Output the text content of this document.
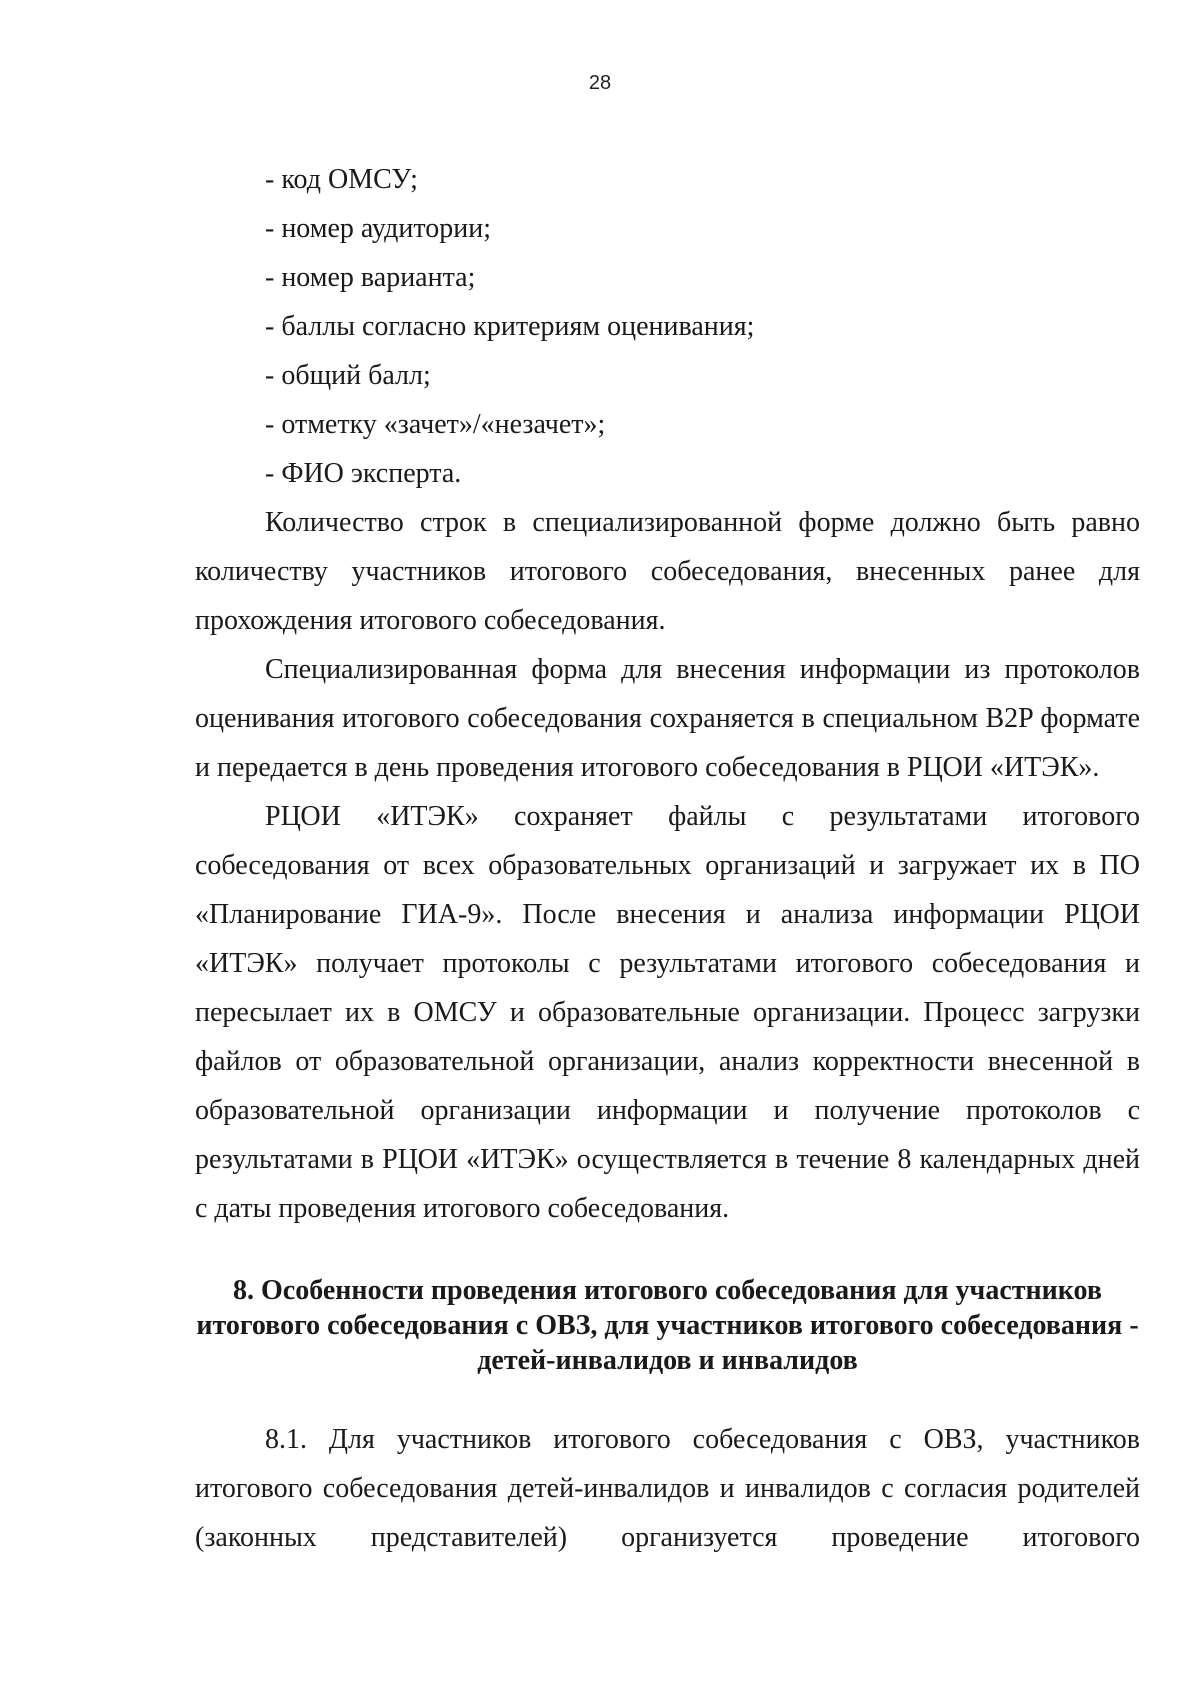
28
- код ОМСУ;
- номер аудитории;
- номер варианта;
- баллы согласно критериям оценивания;
- общий балл;
- отметку «зачет»/«незачет»;
- ФИО эксперта.

Количество строк в специализированной форме должно быть равно количеству участников итогового собеседования, внесенных ранее для прохождения итогового собеседования.

Специализированная форма для внесения информации из протоколов оценивания итогового собеседования сохраняется в специальном B2P формате и передается в день проведения итогового собеседования в РЦОИ «ИТЭК».

РЦОИ «ИТЭК» сохраняет файлы с результатами итогового собеседования от всех образовательных организаций и загружает их в ПО «Планирование ГИА-9». После внесения и анализа информации РЦОИ «ИТЭК» получает протоколы с результатами итогового собеседования и пересылает их в ОМСУ и образовательные организации. Процесс загрузки файлов от образовательной организации, анализ корректности внесенной в образовательной организации информации и получение протоколов с результатами в РЦОИ «ИТЭК» осуществляется в течение 8 календарных дней с даты проведения итогового собеседования.

8. Особенности проведения итогового собеседования для участников итогового собеседования с ОВЗ, для участников итогового собеседования - детей-инвалидов и инвалидов

8.1. Для участников итогового собеседования с ОВЗ, участников итогового собеседования детей-инвалидов и инвалидов с согласия родителей (законных представителей) организуется проведение итогового
